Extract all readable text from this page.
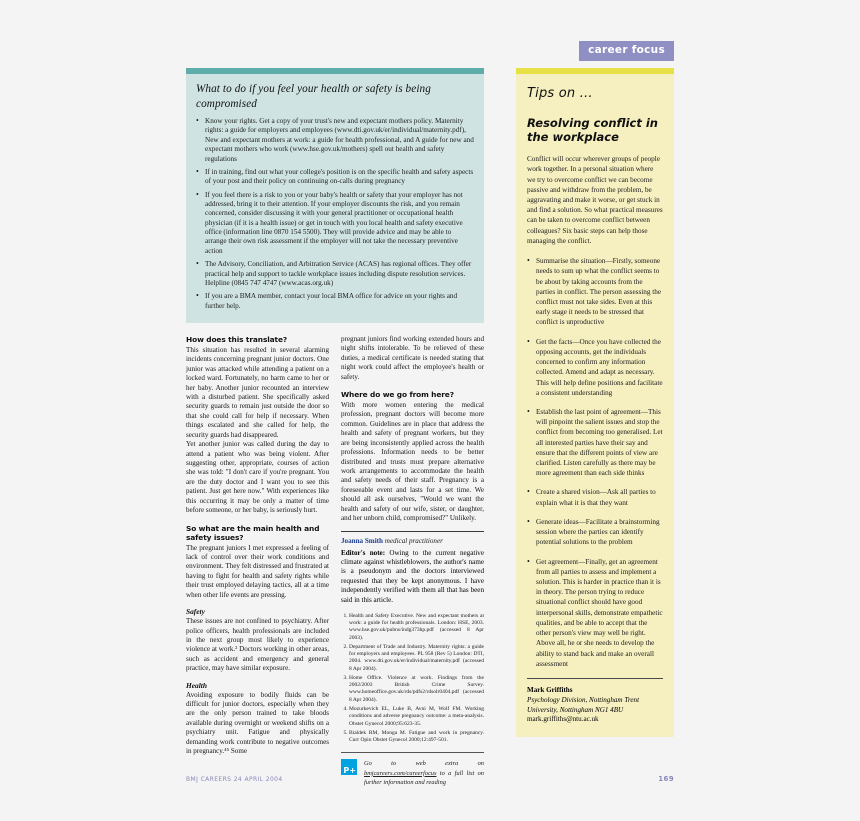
career focus
What to do if you feel your health or safety is being compromised
• Know your rights. Get a copy of your trust's new and expectant mothers policy. Maternity rights: a guide for employers and employees (www.dti.gov.uk/er/individual/maternity.pdf), New and expectant mothers at work: a guide for health professional, and A guide for new and expectant mothers who work (www.hse.gov.uk/mothers) spell out health and safety regulations
• If in training, find out what your college's position is on the specific health and safety aspects of your post and their policy on continuing on-calls during pregnancy
• If you feel there is a risk to you or your baby's health or safety that your employer has not addressed, bring it to their attention. If your employer discounts the risk, and you remain concerned, consider discussing it with your general practitioner or occupational health physician (if it is a health issue) or get in touch with you local health and safety executive office (information line 0870 154 5500). They will provide advice and may be able to arrange their own risk assessment if the employer will not take the necessary preventive action
• The Advisory, Conciliation, and Arbitration Service (ACAS) has regional offices. They offer practical help and support to tackle workplace issues including dispute resolution services. Helpline (0845 747 4747 (www.acas.org.uk)
• If you are a BMA member, contact your local BMA office for advice on your rights and further help.
How does this translate?

This situation has resulted in several alarming incidents concerning pregnant junior doctors. One junior was attacked while attending a patient on a locked ward. Fortunately, no harm came to her or her baby. Another junior recounted an interview with a disturbed patient. She specifically asked security guards to remain just outside the door so that she could call for help if necessary. When things escalated and she called for help, the security guards had disappeared.

Yet another junior was called during the day to attend a patient who was being violent. After suggesting other, appropriate, courses of action she was told: "I don't care if you're pregnant. You are the duty doctor and I want you to see this patient. Just get here now." With experiences like this occurring it may be only a matter of time before someone, or her baby, is seriously hurt.

So what are the main health and safety issues?

The pregnant juniors I met expressed a feeling of lack of control over their work conditions and environment. They felt distressed and frustrated at having to fight for health and safety rights while their trust employed delaying tactics, all at a time when other life events are pressing.

Safety

These issues are not confined to psychiatry. After police officers, health professionals are included in the next group most likely to experience violence at work.² Doctors working in other areas, such as accident and emergency and general practice, may have similar exposure.

Health

Avoiding exposure to bodily fluids can be difficult for junior doctors, especially when they are the only person trained to take bloods available during overnight or weekend shifts on a psychiatry unit. Fatigue and physically demanding work contribute to negative outcomes in pregnancy.⁴⁵ Some

pregnant juniors find working extended hours and night shifts intolerable. To be relieved of these duties, a medical certificate is needed stating that night work could affect the employee's health or safety.

Where do we go from here?

With more women entering the medical profession, pregnant doctors will become more common. Guidelines are in place that address the health and safety of pregnant workers, but they are being inconsistently applied across the health professions. Information needs to be better distributed and trusts must prepare alternative work arrangements to accommodate the health and safety needs of their staff. Pregnancy is a foreseeable event and lasts for a set time. We should all ask ourselves, "Would we want the health and safety of our wife, sister, or daughter, and her unborn child, compromised?" Unlikely.

Joanna Smith medical practitioner
Editor's note: Owing to the current negative climate against whistleblowers, the author's name is a pseudonym and the doctors interviewed requested that they be kept anonymous. I have independently verified with them all that has been said in this article.
1. Health and Safety Executive. New and expectant mothers at work: a guide for health professionals. London: HSE, 2003. www.hse.gov.uk/pubns/indg373hp.pdf (accessed 8 Apr 2003).
2. Department of Trade and Industry. Maternity rights: a guide for employers and employees. PL 958 (Rev 5) London: DTI, 2004. www.dti.gov.uk/er/individual/maternity.pdf (accessed 8 Apr 2004).
3. Home Office. Violence at work. Findings from the 2002/2003 British Crime Survey. www.homeoffice.gov.uk/rds/pdfs2/rdsolr0404.pdf (accessed 8 Apr 2004).
4. Mozurkevich EL, Luke B, Avni M, Wolf FM. Working conditions and adverse pregnancy outcome: a meta-analysis. Obstet Gynecol 2000;95:623-35.
5. Bialdek RM, Monga M. Fatigue and work in pregnancy. Curr Opin Obstet Gynecol 2000;12:497-501.
P+
Go to web extra on bmjcareers.com/careerfocus to a full list on further information and reading
Tips on …
Resolving conflict in the workplace

Conflict will occur wherever groups of people work together. In a personal situation where we try to overcome conflict we can become passive and withdraw from the problem, be aggravating and make it worse, or get stuck in and find a solution. So what practical measures can be taken to overcome conflict between colleagues? Six basic steps can help those managing the conflict.

• Summarise the situation—Firstly, someone needs to sum up what the conflict seems to be about by taking accounts from the parties in conflict. The person assessing the conflict must not take sides. Even at this early stage it needs to be stressed that conflict is unproductive
• Get the facts—Once you have collected the opposing accounts, get the individuals concerned to confirm any information collected. Amend and adapt as necessary. This will help define positions and facilitate a consistent understanding
• Establish the last point of agreement—This will pinpoint the salient issues and stop the conflict from becoming too generalised. Let all interested parties have their say and ensure that the different points of view are clarified. Listen carefully as there may be more agreement than each side thinks
• Create a shared vision—Ask all parties to explain what it is that they want
• Generate ideas—Facilitate a brainstorming session where the parties can identify potential solutions to the problem
• Get agreement—Finally, get an agreement from all parties to assess and implement a solution. This is harder in practice than it is in theory. The person trying to reduce situational conflict should have good interpersonal skills, demonstrate empathetic qualities, and be able to accept that the other person's view may well be right. Above all, he or she needs to develop the ability to stand back and make an overall assessment
Mark Griffiths
Psychology Division, Nottingham Trent University, Nottingham NG1 4BU
mark.griffiths@ntu.ac.uk
BMJ CAREERS 24 APRIL 2004	169
